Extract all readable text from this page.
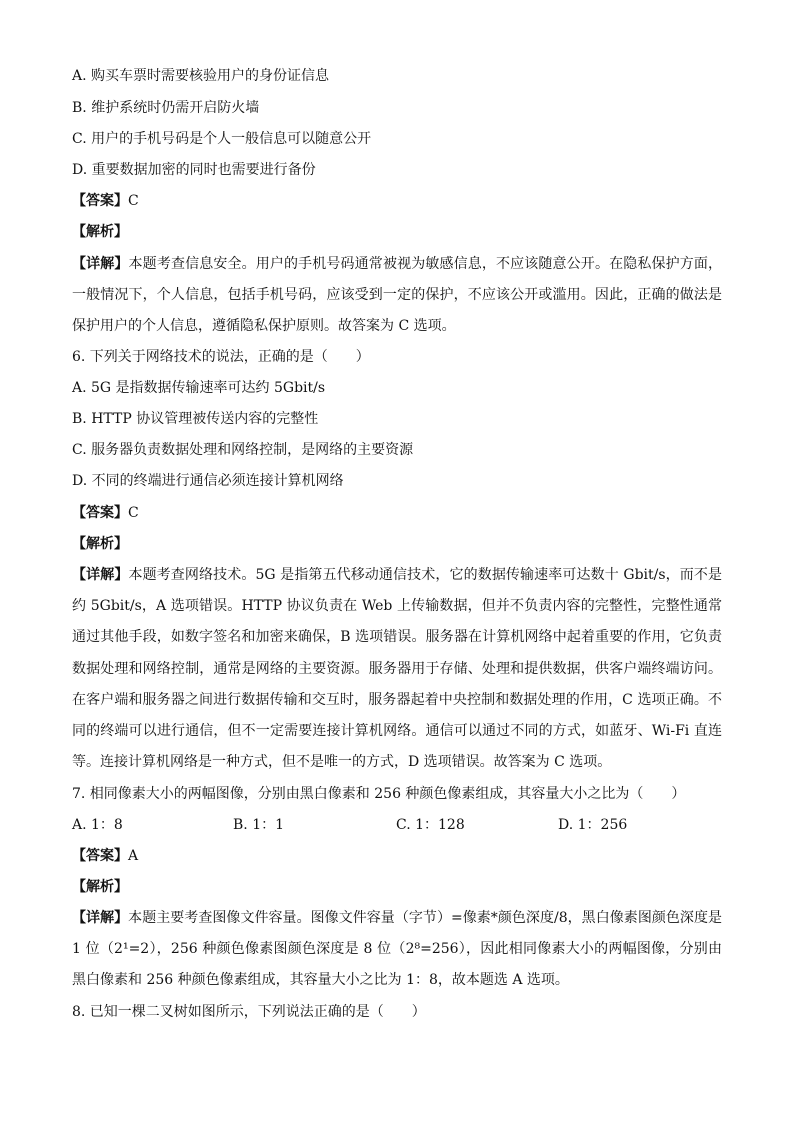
A. 购买车票时需要核验用户的身份证信息
B. 维护系统时仍需开启防火墙
C. 用户的手机号码是个人一般信息可以随意公开
D. 重要数据加密的同时也需要进行备份
【答案】C
【解析】
【详解】本题考查信息安全。用户的手机号码通常被视为敏感信息，不应该随意公开。在隐私保护方面，一般情况下，个人信息，包括手机号码，应该受到一定的保护，不应该公开或滥用。因此，正确的做法是保护用户的个人信息，遵循隐私保护原则。故答案为 C 选项。
6. 下列关于网络技术的说法，正确的是（　　）
A. 5G 是指数据传输速率可达约 5Gbit/s
B. HTTP 协议管理被传送内容的完整性
C. 服务器负责数据处理和网络控制，是网络的主要资源
D. 不同的终端进行通信必须连接计算机网络
【答案】C
【解析】
【详解】本题考查网络技术。5G 是指第五代移动通信技术，它的数据传输速率可达数十 Gbit/s，而不是约 5Gbit/s，A 选项错误。HTTP 协议负责在 Web 上传输数据，但并不负责内容的完整性，完整性通常通过其他手段，如数字签名和加密来确保，B 选项错误。服务器在计算机网络中起着重要的作用，它负责数据处理和网络控制，通常是网络的主要资源。服务器用于存储、处理和提供数据，供客户端终端访问。在客户端和服务器之间进行数据传输和交互时，服务器起着中央控制和数据处理的作用，C 选项正确。不同的终端可以进行通信，但不一定需要连接计算机网络。通信可以通过不同的方式，如蓝牙、Wi-Fi 直连等。连接计算机网络是一种方式，但不是唯一的方式，D 选项错误。故答案为 C 选项。
7. 相同像素大小的两幅图像，分别由黑白像素和 256 种颜色像素组成，其容量大小之比为（　　）
A. 1：8	B. 1：1	C. 1：128	D. 1：256
【答案】A
【解析】
【详解】本题主要考查图像文件容量。图像文件容量（字节）=像素*颜色深度/8，黑白像素图颜色深度是 1 位（2¹=2），256 种颜色像素图颜色深度是 8 位（2⁸=256），因此相同像素大小的两幅图像，分别由黑白像素和 256 种颜色像素组成，其容量大小之比为 1：8，故本题选 A 选项。
8. 已知一棵二叉树如图所示，下列说法正确的是（　　）
